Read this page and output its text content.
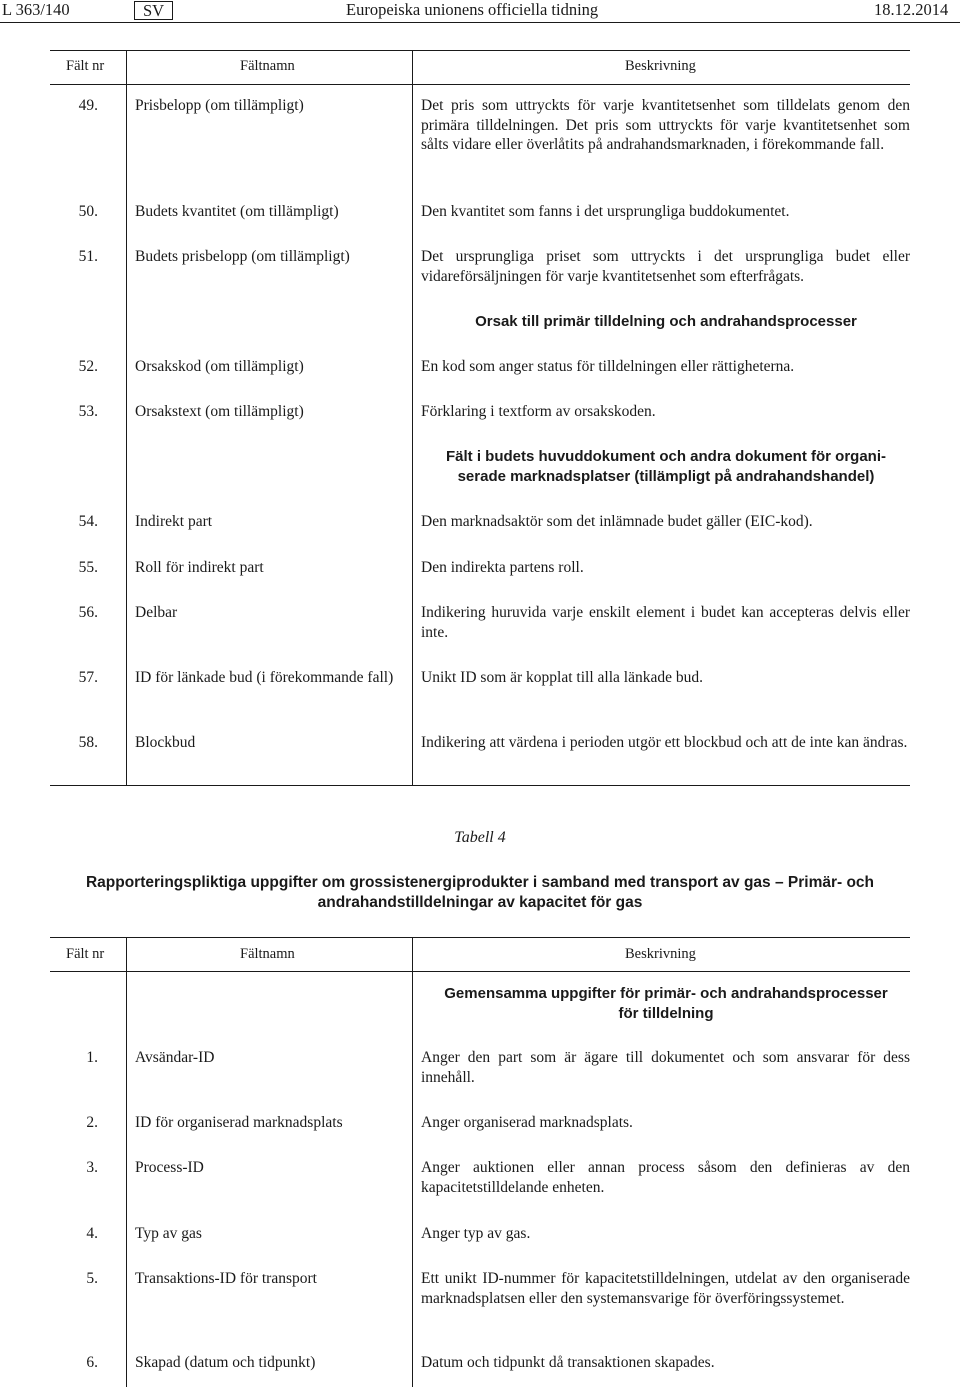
L 363/140	SV	Europeiska unionens officiella tidning	18.12.2014
Fält nr	Fältnamn	Beskrivning
49. Prisbelopp (om tillämpligt)	Det pris som uttryckts för varje kvantitetsenhet som tilldelats genom den primära tilldelningen. Det pris som uttryckts för varje kvantitetsenhet som sålts vidare eller överlåtits på andrahandsmarknaden, i förekommande fall.
50. Budets kvantitet (om tillämpligt)	Den kvantitet som fanns i det ursprungliga buddokumentet.
51. Budets prisbelopp (om tillämpligt)	Det ursprungliga priset som uttryckts i det ursprungliga budet eller vidareförsäljningen för varje kvantitetsenhet som efterfrågats.
Orsak till primär tilldelning och andrahandsprocesser
52. Orsakskod (om tillämpligt)	En kod som anger status för tilldelningen eller rättigheterna.
53. Orsakstext (om tillämpligt)	Förklaring i textform av orsakskoden.
Fält i budets huvuddokument och andra dokument för organi-
serade marknadsplatser (tillämpligt på andrahandshandel)
54. Indirekt part	Den marknadsaktör som det inlämnade budet gäller (EIC-kod).
55. Roll för indirekt part	Den indirekta partens roll.
56. Delbar	Indikering huruvida varje enskilt element i budet kan accepteras delvis eller inte.
57. ID för länkade bud (i förekommande fall)	Unikt ID som är kopplat till alla länkade bud.
58. Blockbud	Indikering att värdena i perioden utgör ett blockbud och att de inte kan ändras.
Tabell 4
Rapporteringspliktiga uppgifter om grossistenergiprodukter i samband med transport av gas – Primär- och
andrahandstilldelningar av kapacitet för gas
Fält nr	Fältnamn	Beskrivning
Gemensamma uppgifter för primär- och andrahandsprocesser
för tilldelning
1. Avsändar-ID	Anger den part som är ägare till dokumentet och som ansvarar för dess innehåll.
2. ID för organiserad marknadsplats	Anger organiserad marknadsplats.
3. Process-ID	Anger auktionen eller annan process såsom den definieras av den kapacitetstilldelande enheten.
4. Typ av gas	Anger typ av gas.
5. Transaktions-ID för transport	Ett unikt ID-nummer för kapacitetstilldelningen, utdelat av den organiserade marknadsplatsen eller den systemansvarige för överföringssystemet.
6. Skapad (datum och tidpunkt)	Datum och tidpunkt då transaktionen skapades.
